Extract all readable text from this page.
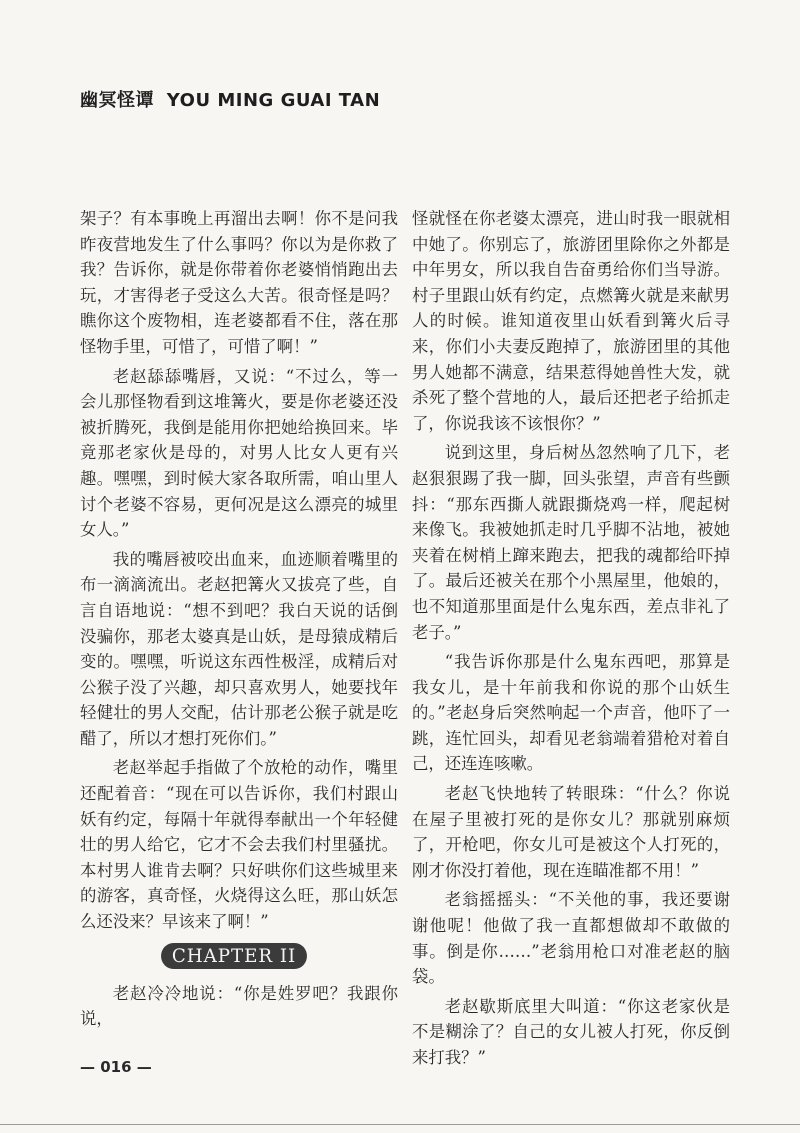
幽冥怪谭 YOU MING GUAI TAN

架子？有本事晚上再溜出去啊！你不是问我昨夜营地发生了什么事吗？你以为是你救了我？告诉你，就是你带着你老婆悄悄跑出去玩，才害得老子受这么大苦。很奇怪是吗？瞧你这个废物相，连老婆都看不住，落在那怪物手里，可惜了，可惜了啊！”

老赵舔舔嘴唇，又说：“不过么，等一会儿那怪物看到这堆篝火，要是你老婆还没被折腾死，我倒是能用你把她给换回来。毕竟那老家伙是母的，对男人比女人更有兴趣。嘿嘿，到时候大家各取所需，咱山里人讨个老婆不容易，更何况是这么漂亮的城里女人。”

我的嘴唇被咬出血来，血迹顺着嘴里的布一滴滴流出。老赵把篝火又拔亮了些，自言自语地说：“想不到吧？我白天说的话倒没骗你，那老太婆真是山妖，是母猿成精后变的。嘿嘿，听说这东西性极淫，成精后对公猴子没了兴趣，却只喜欢男人，她要找年轻健壮的男人交配，估计那老公猴子就是吃醋了，所以才想打死你们。”

老赵举起手指做了个放枪的动作，嘴里还配着音：“现在可以告诉你，我们村跟山妖有约定，每隔十年就得奉献出一个年轻健壮的男人给它，它才不会去我们村里骚扰。本村男人谁肯去啊？只好哄你们这些城里来的游客，真奇怪，火烧得这么旺，那山妖怎么还没来？早该来了啊！”

CHAPTER II

老赵冷冷地说：“你是姓罗吧？我跟你说，

怪就怪在你老婆太漂亮，进山时我一眼就相中她了。你别忘了，旅游团里除你之外都是中年男女，所以我自告奋勇给你们当导游。村子里跟山妖有约定，点燃篝火就是来献男人的时候。谁知道夜里山妖看到篝火后寻来，你们小夫妻反跑掉了，旅游团里的其他男人她都不满意，结果惹得她兽性大发，就杀死了整个营地的人，最后还把老子给抓走了，你说我该不该恨你？”

说到这里，身后树丛忽然响了几下，老赵狠狠踢了我一脚，回头张望，声音有些颤抖：“那东西撕人就跟撕烧鸡一样，爬起树来像飞。我被她抓走时几乎脚不沾地，被她夹着在树梢上蹿来跑去，把我的魂都给吓掉了。最后还被关在那个小黑屋里，他娘的，也不知道那里面是什么鬼东西，差点非礼了老子。”

“我告诉你那是什么鬼东西吧，那算是我女儿，是十年前我和你说的那个山妖生的。”老赵身后突然响起一个声音，他吓了一跳，连忙回头，却看见老翁端着猎枪对着自己，还连连咳嗽。

老赵飞快地转了转眼珠：“什么？你说在屋子里被打死的是你女儿？那就别麻烦了，开枪吧，你女儿可是被这个人打死的，刚才你没打着他，现在连瞄准都不用！”

老翁摇摇头：“不关他的事，我还要谢谢他呢！他做了我一直都想做却不敢做的事。倒是你……”老翁用枪口对准老赵的脑袋。

老赵歇斯底里大叫道：“你这老家伙是不是糊涂了？自己的女儿被人打死，你反倒来打我？”

— 016 —
